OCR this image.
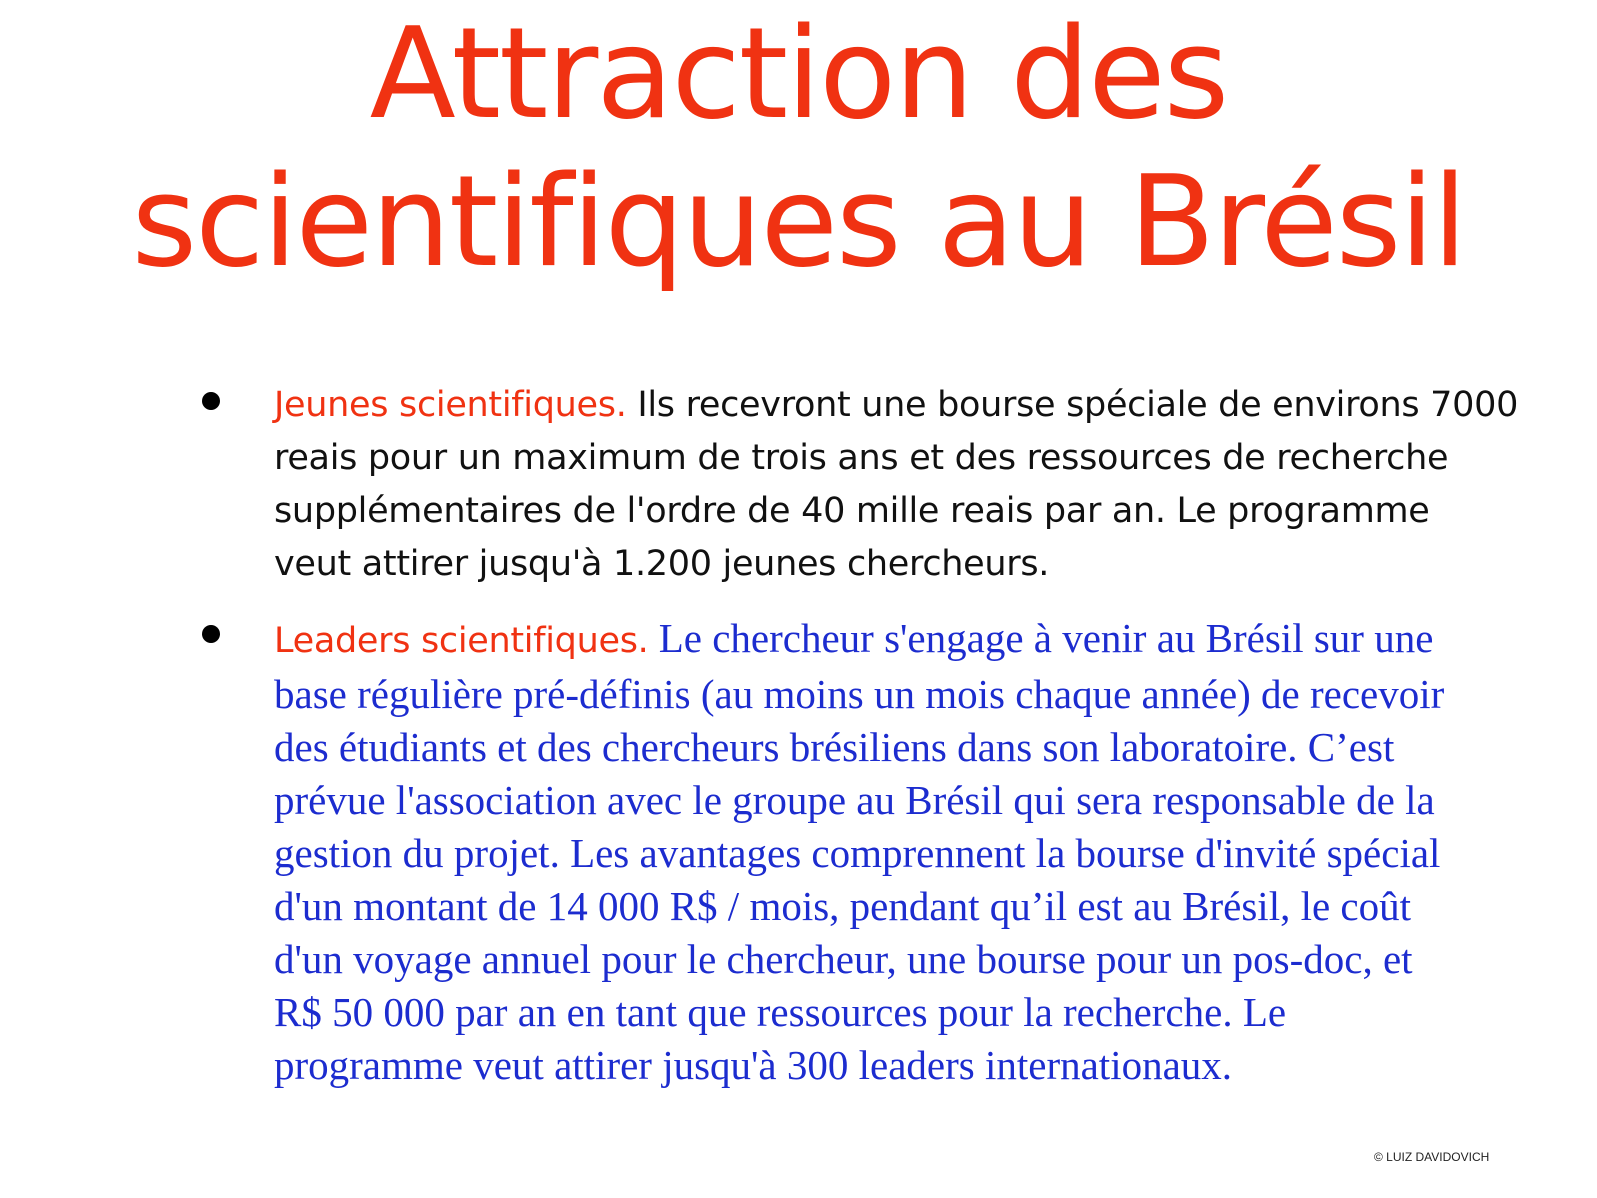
Attraction des
scientifiques au Brésil
Jeunes scientifiques. Ils recevront une bourse spéciale de environs 7000
reais pour un maximum de trois ans et des ressources de recherche
supplémentaires de l'ordre de 40 mille reais par an. Le programme
veut attirer jusqu'à 1.200 jeunes chercheurs.
Leaders scientifiques. Le chercheur s'engage à venir au Brésil sur une
base régulière pré-définis (au moins un mois chaque année) de recevoir
des étudiants et des chercheurs brésiliens dans son laboratoire. C’est
prévue l'association avec le groupe au Brésil qui sera responsable de la
gestion du projet. Les avantages comprennent la bourse d'invité spécial
d'un montant de 14 000 R$ / mois, pendant qu’il est au Brésil, le coût
d'un voyage annuel pour le chercheur, une bourse pour un pos-doc, et
R$ 50 000 par an en tant que ressources pour la recherche. Le
programme veut attirer jusqu'à 300 leaders internationaux.
© LUIZ DAVIDOVICH
